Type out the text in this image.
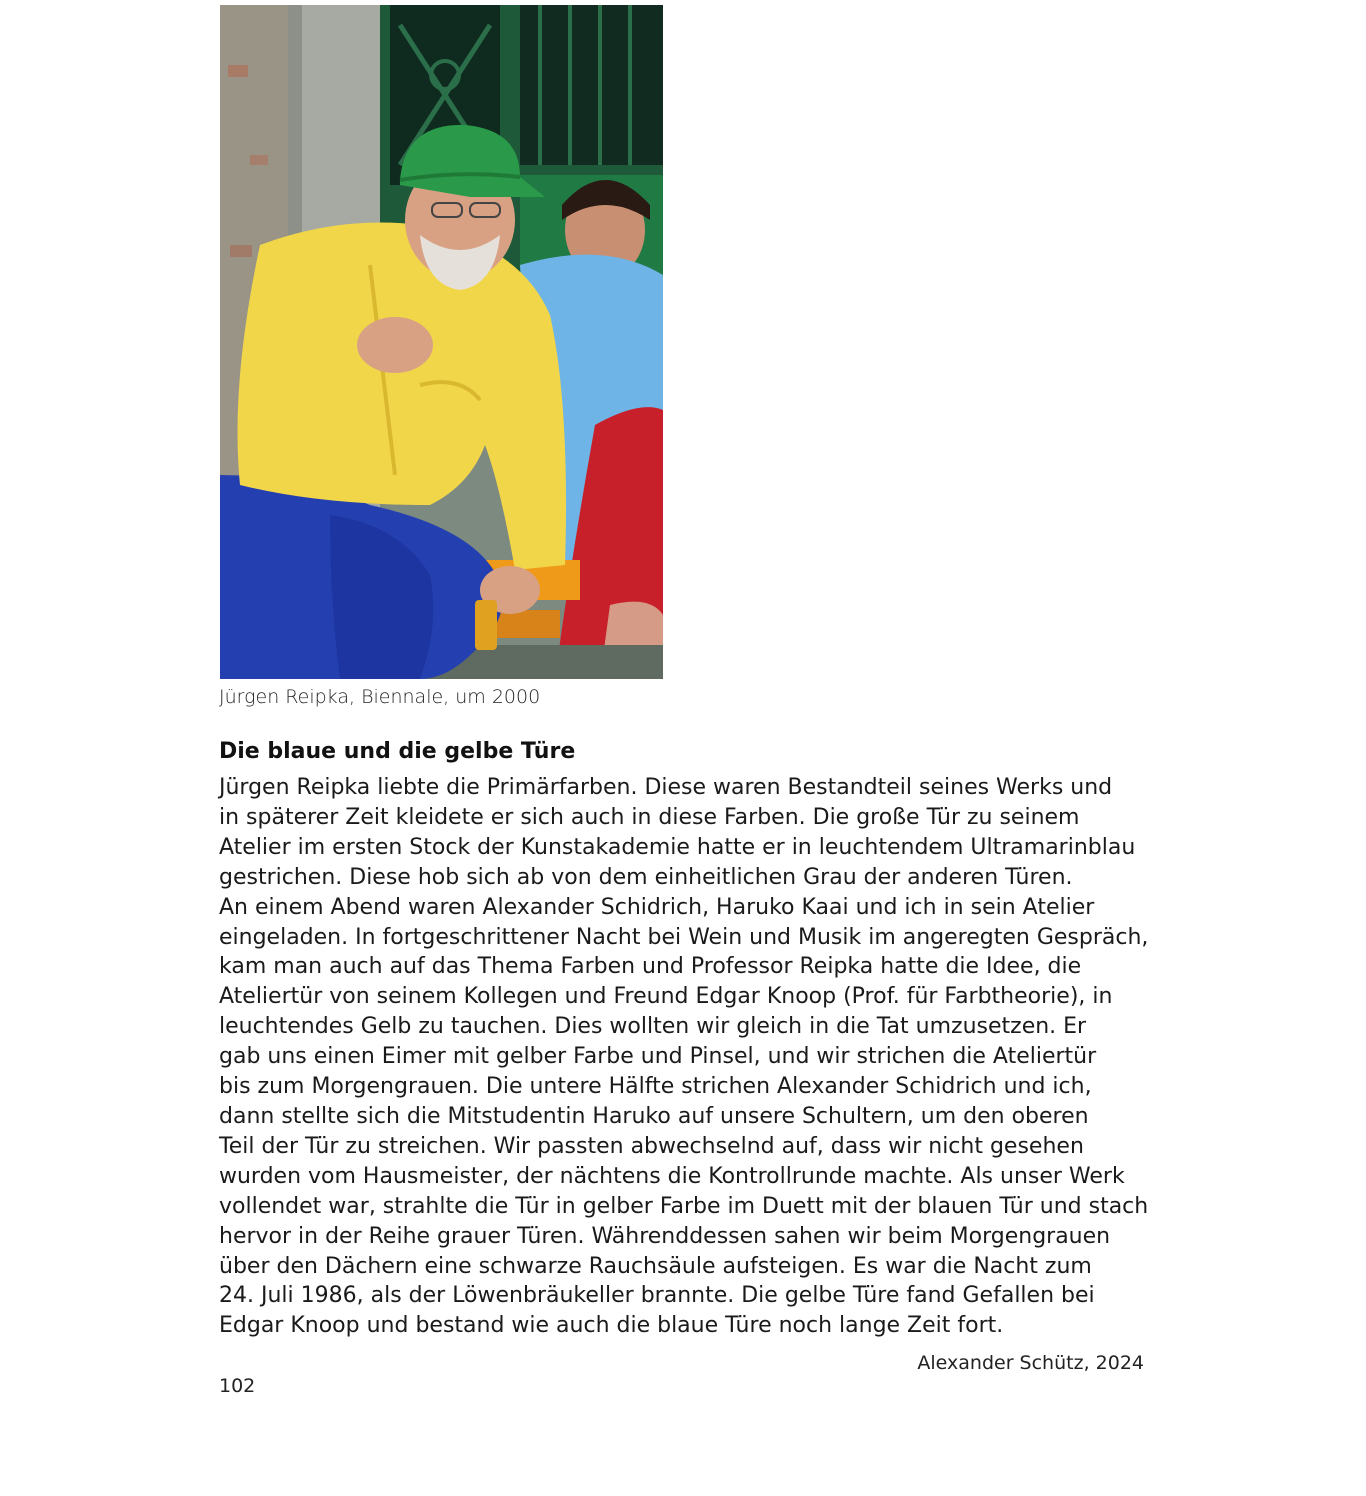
Jürgen Reipka, Biennale, um 2000
Die blaue und die gelbe Türe
Jürgen Reipka liebte die Primärfarben. Diese waren Bestandteil seines Werks und
in späterer Zeit kleidete er sich auch in diese Farben. Die große Tür zu seinem
Atelier im ersten Stock der Kunstakademie hatte er in leuchtendem Ultramarinblau
gestrichen. Diese hob sich ab von dem einheitlichen Grau der anderen Türen.
An einem Abend waren Alexander Schidrich, Haruko Kaai und ich in sein Atelier
eingeladen. In fortgeschrittener Nacht bei Wein und Musik im angeregten Gespräch,
kam man auch auf das Thema Farben und Professor Reipka hatte die Idee, die
Ateliertür von seinem Kollegen und Freund Edgar Knoop (Prof. für Farbtheorie), in
leuchtendes Gelb zu tauchen. Dies wollten wir gleich in die Tat umzusetzen. Er
gab uns einen Eimer mit gelber Farbe und Pinsel, und wir strichen die Ateliertür
bis zum Morgengrauen. Die untere Hälfte strichen Alexander Schidrich und ich,
dann stellte sich die Mitstudentin Haruko auf unsere Schultern, um den oberen
Teil der Tür zu streichen. Wir passten abwechselnd auf, dass wir nicht gesehen
wurden vom Hausmeister, der nächtens die Kontrollrunde machte. Als unser Werk
vollendet war, strahlte die Tür in gelber Farbe im Duett mit der blauen Tür und stach
hervor in der Reihe grauer Türen. Währenddessen sahen wir beim Morgengrauen
über den Dächern eine schwarze Rauchsäule aufsteigen. Es war die Nacht zum
24. Juli 1986, als der Löwenbräukeller brannte. Die gelbe Türe fand Gefallen bei
Edgar Knoop und bestand wie auch die blaue Türe noch lange Zeit fort.
Alexander Schütz, 2024
102
